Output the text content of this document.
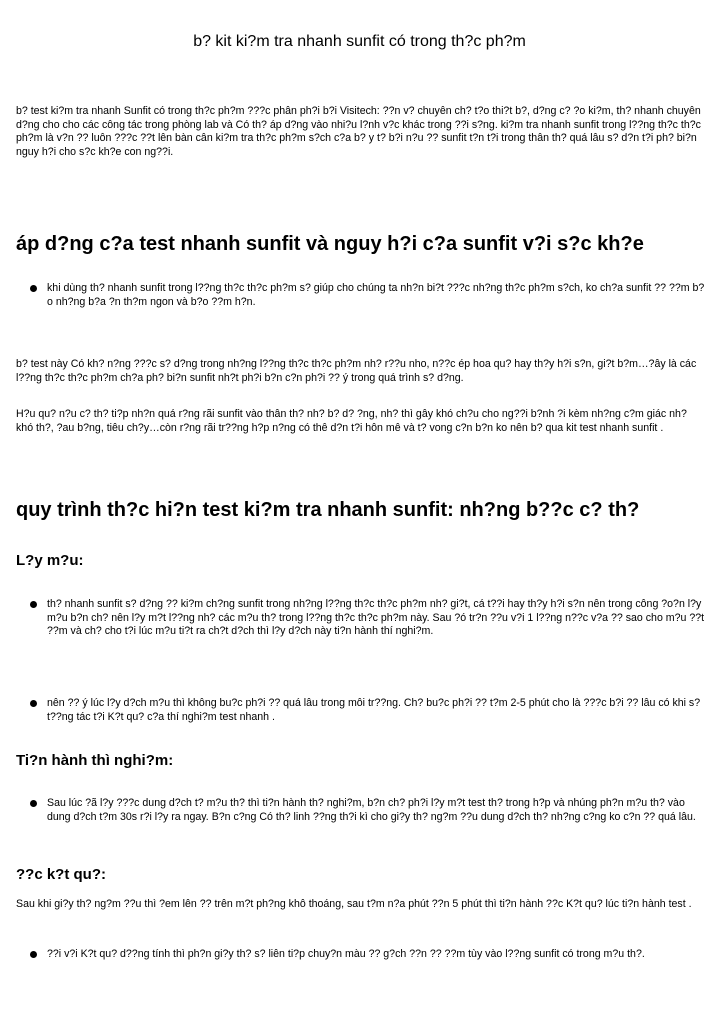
b? kit ki?m tra nhanh sunfit có trong th?c ph?m

b? test ki?m tra nhanh Sunfit có trong th?c ph?m ???c phân ph?i b?i Visitech: ??n v? chuyên ch? t?o thi?t b?, d?ng c? ?o ki?m, th? nhanh chuyên d?ng cho cho các công tác trong phòng lab và Có th? áp d?ng vào nhi?u l?nh v?c khác trong ??i s?ng. ki?m tra nhanh sunfit trong l??ng th?c th?c ph?m là v?n ?? luôn ???c ??t lên bàn cân ki?m tra th?c ph?m s?ch c?a b? y t? b?i n?u ?? sunfit t?n t?i trong thân th? quá lâu s? d?n t?i ph? bi?n nguy h?i cho s?c kh?e con ng??i.

áp d?ng c?a test nhanh sunfit và nguy h?i c?a sunfit v?i s?c kh?e
khi dùng th? nhanh sunfit trong l??ng th?c th?c ph?m s? giúp cho chúng ta nh?n bi?t ???c nh?ng th?c ph?m s?ch, ko ch?a sunfit ?? ??m b?o nh?ng b?a ?n th?m ngon và b?o ??m h?n.

b? test này Có kh? n?ng ???c s? d?ng trong nh?ng l??ng th?c th?c ph?m nh? r??u nho, n??c ép hoa qu? hay th?y h?i s?n, gi?t b?m…?ây là các l??ng th?c th?c ph?m ch?a ph? bi?n sunfit nh?t ph?i b?n c?n ph?i ?? ý trong quá trình s? d?ng.

H?u qu? n?u c? th? ti?p nh?n quá r?ng rãi sunfit vào thân th? nh? b? d? ?ng, nh? thì gây khó ch?u cho ng??i b?nh ?i kèm nh?ng c?m giác nh? khó th?, ?au b?ng, tiêu ch?y…còn r?ng rãi tr??ng h?p n?ng có thê d?n t?i hôn mê và t? vong c?n b?n ko nên b? qua kit test nhanh sunfit .

quy trình th?c hi?n test ki?m tra nhanh sunfit: nh?ng b??c c? th?
L?y m?u:
th? nhanh sunfit s? d?ng ?? ki?m ch?ng sunfit trong nh?ng l??ng th?c th?c ph?m nh? gi?t, cá t??i hay th?y h?i s?n nên trong công ?o?n l?y m?u b?n ch? nên l?y m?t l??ng nh? các m?u th? trong l??ng th?c th?c ph?m này. Sau ?ó tr?n ??u v?i 1 l??ng n??c v?a ?? sao cho m?u ??t ??m và ch? cho t?i lúc m?u ti?t ra ch?t d?ch thì l?y d?ch này ti?n hành thí nghi?m.
nên ?? ý lúc l?y d?ch m?u thì không bu?c ph?i ?? quá lâu trong môi tr??ng. Ch? bu?c ph?i ?? t?m 2-5 phút cho là ???c b?i ?? lâu có khi s? t??ng tác t?i K?t qu? c?a thí nghi?m test nhanh .
Ti?n hành thì nghi?m:
Sau lúc ?ã l?y ???c dung d?ch t? m?u th? thì ti?n hành th? nghi?m, b?n ch? ph?i l?y m?t test th? trong h?p và nhúng ph?n m?u th? vào dung d?ch t?m 30s r?i l?y ra ngay. B?n c?ng Có th? linh ??ng th?i kì cho gi?y th? ng?m ??u dung d?ch th? nh?ng c?ng ko c?n ?? quá lâu.
??c k?t qu?:

Sau khi gi?y th? ng?m ??u thì ?em lên ?? trên m?t ph?ng khô thoáng, sau t?m n?a phút ??n 5 phút thì ti?n hành ??c K?t qu? lúc ti?n hành test .

??i v?i K?t qu? d??ng tính thì ph?n gi?y th? s? liên ti?p chuy?n màu ?? g?ch ??n ?? ??m tùy vào l??ng sunfit có trong m?u th?.
